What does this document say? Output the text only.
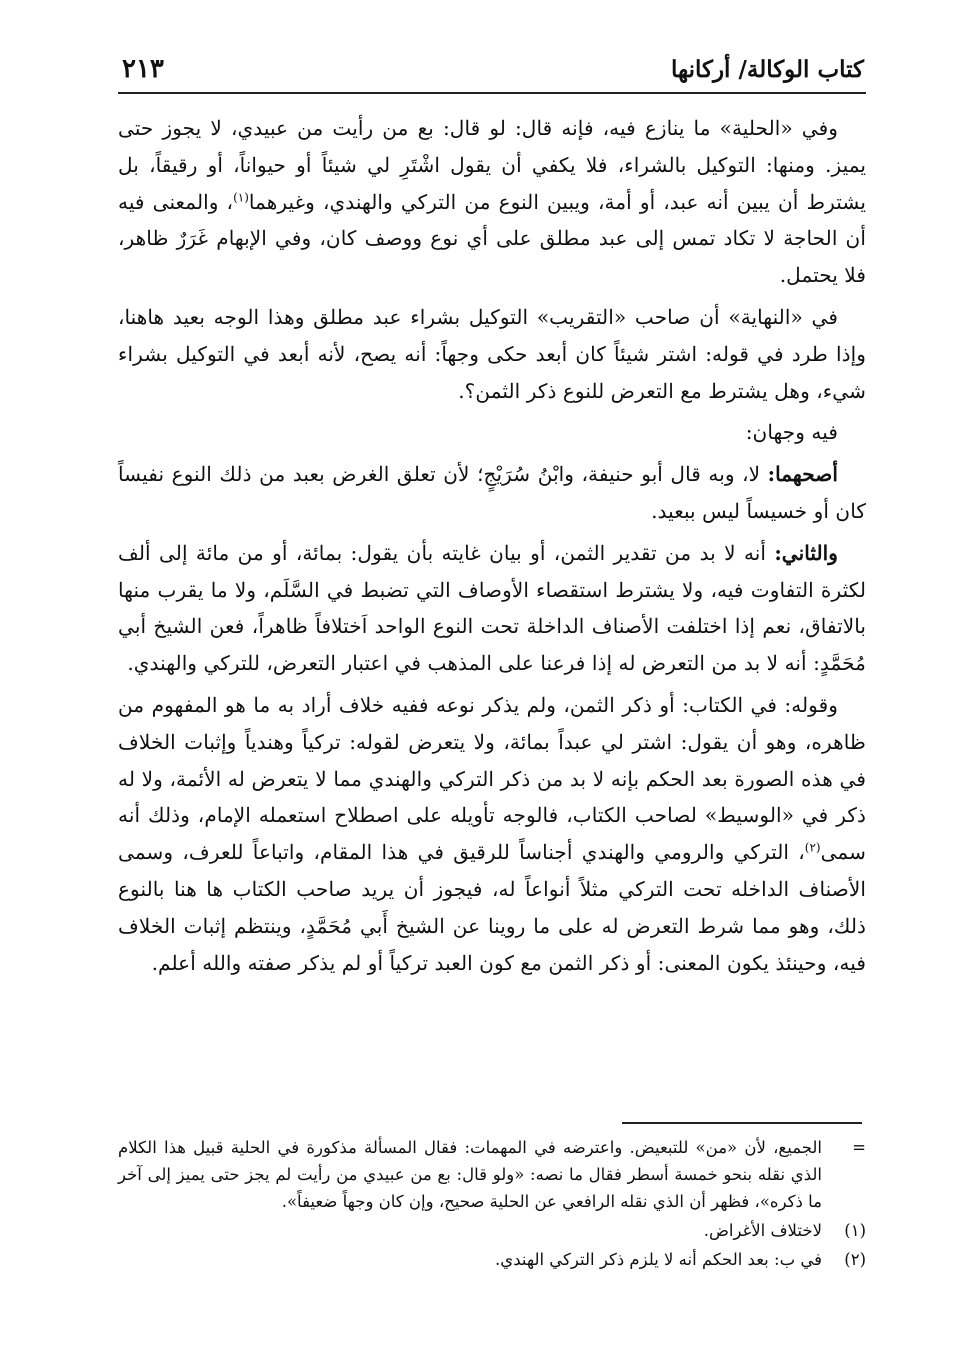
كتاب الوكالة/ أركانها
٢١٣

وفي «الحلية» ما ينازع فيه، فإنه قال: لو قال: بع من رأيت من عبيدي، لا يجوز حتى يميز. ومنها: التوكيل بالشراء، فلا يكفي أن يقول اشْتَرِ لي شيئاً أو حيواناً، أو رقيقاً، بل يشترط أن يبين أنه عبد، أو أمة، ويبين النوع من التركي والهندي، وغيرهما$^{(١)}$، والمعنى فيه أن الحاجة لا تكاد تمس إلى عبد مطلق على أي نوع ووصف كان، وفي الإبهام غَرَرٌ ظاهر، فلا يحتمل.

في «النهاية» أن صاحب «التقريب» التوكيل بشراء عبد مطلق وهذا الوجه بعيد هاهنا، وإذا طرد في قوله: اشتر شيئاً كان أبعد حكى وجهاً: أنه يصح، لأنه أبعد في التوكيل بشراء شيء، وهل يشترط مع التعرض للنوع ذكر الثمن؟.

فيه وجهان:

أصحهما: لا، وبه قال أبو حنيفة، وابْنُ سُرَيْجٍ؛ لأن تعلق الغرض بعبد من ذلك النوع نفيساً كان أو خسيساً ليس ببعيد.

والثاني: أنه لا بد من تقدير الثمن، أو بيان غايته بأن يقول: بمائة، أو من مائة إلى ألف لكثرة التفاوت فيه، ولا يشترط استقصاء الأوصاف التي تضبط في السَّلَم، ولا ما يقرب منها بالاتفاق، نعم إذا اختلفت الأصناف الداخلة تحت النوع الواحد اَختلافاً ظاهراً، فعن الشيخ أبي مُحَمَّدٍ: أنه لا بد من التعرض له إذا فرعنا على المذهب في اعتبار التعرض، للتركي والهندي.

وقوله: في الكتاب: أو ذكر الثمن، ولم يذكر نوعه ففيه خلاف أراد به ما هو المفهوم من ظاهره، وهو أن يقول: اشتر لي عبداً بمائة، ولا يتعرض لقوله: تركياً وهندياً وإثبات الخلاف في هذه الصورة بعد الحكم بإنه لا بد من ذكر التركي والهندي مما لا يتعرض له الأئمة، ولا له ذكر في «الوسيط» لصاحب الكتاب، فالوجه تأويله على اصطلاح استعمله الإمام، وذلك أنه سمى$^{(٢)}$، التركي والرومي والهندي أجناساً للرقيق في هذا المقام، واتباعاً للعرف، وسمى الأصناف الداخله تحت التركي مثلاً أنواعاً له، فيجوز أن يريد صاحب الكتاب ها هنا بالنوع ذلك، وهو مما شرط التعرض له على ما روينا عن الشيخ أَبي مُحَمَّدٍ، وينتظم إثبات الخلاف فيه، وحينئذ يكون المعنى: أو ذكر الثمن مع كون العبد تركياً أو لم يذكر صفته والله أعلم.

=
الجميع، لأن «من» للتبعيض. واعترضه في المهمات: فقال المسألة مذكورة في الحلية قبيل هذا الكلام الذي نقله بنحو خمسة أسطر فقال ما نصه: «ولو قال: بع من عبيدي من رأيت لم يجز حتى يميز إلى آخر ما ذكره»، فظهر أن الذي نقله الرافعي عن الحلية صحيح، وإن كان وجهاً ضعيفاً».
(١)
لاختلاف الأغراض.
(٢)
في ب: بعد الحكم أنه لا يلزم ذكر التركي الهندي.
